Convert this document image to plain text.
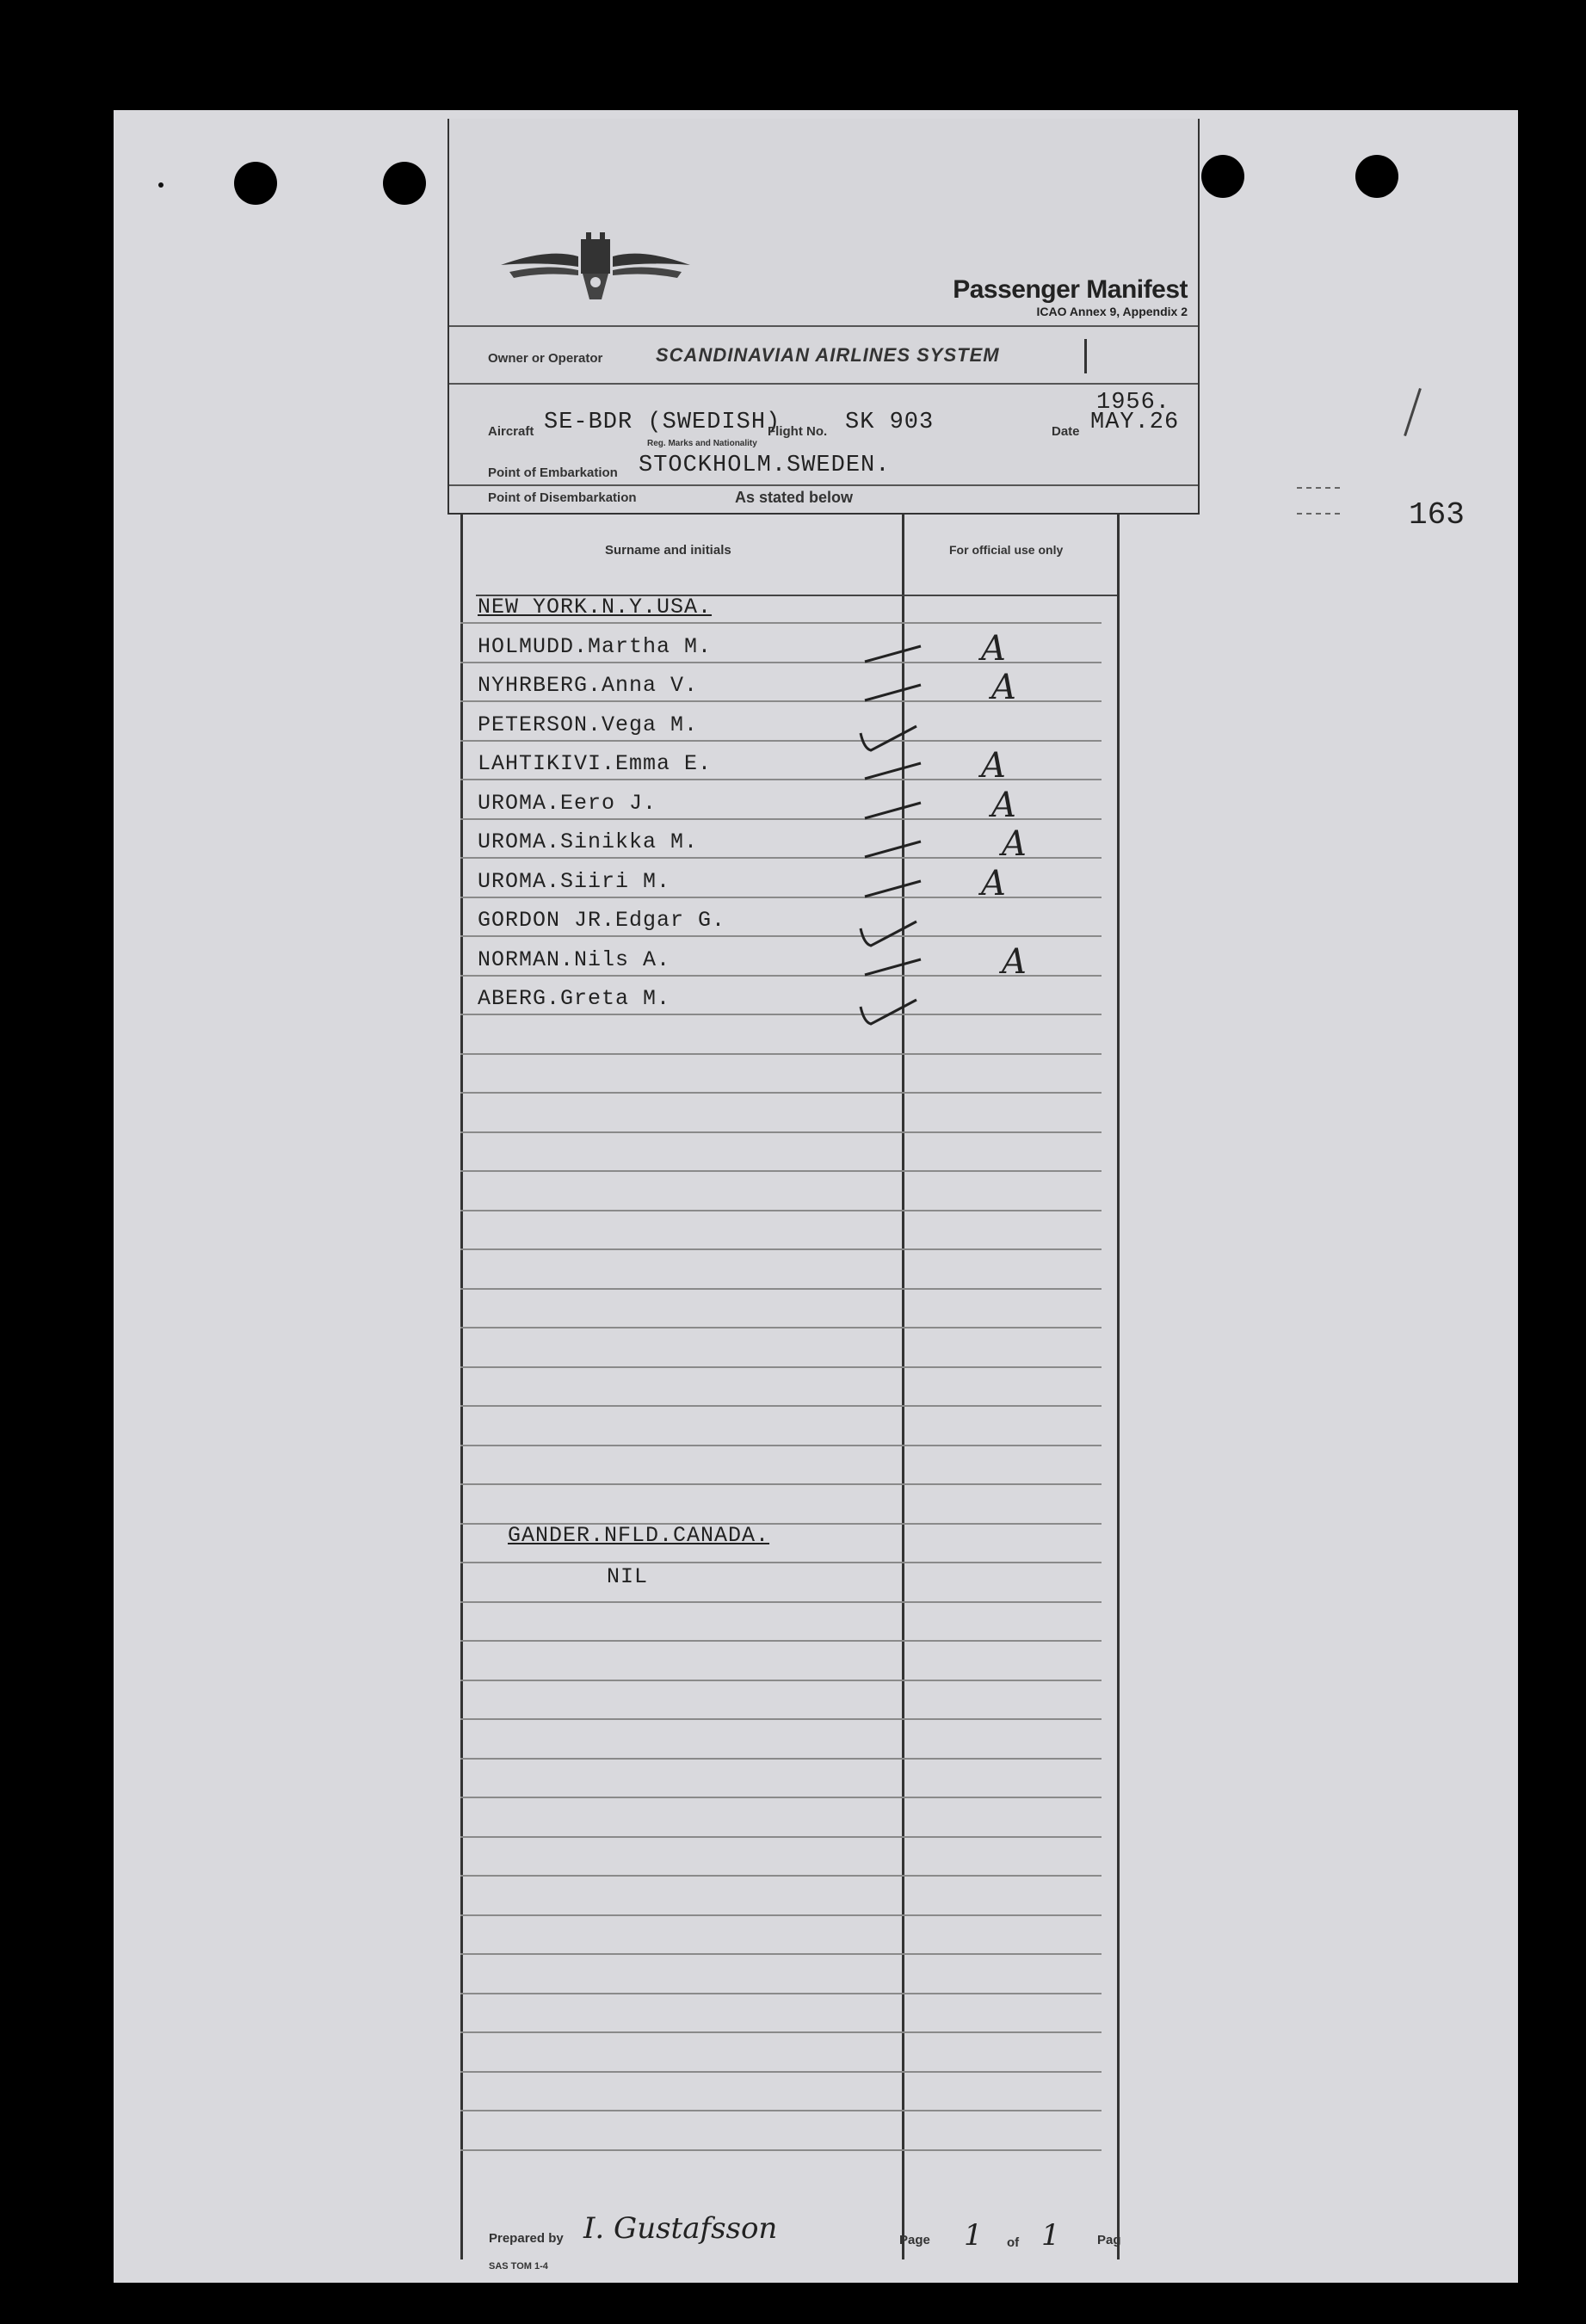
163
Passenger Manifest
ICAO Annex 9, Appendix 2
Owner or Operator	SCANDINAVIAN AIRLINES SYSTEM
1956.
Aircraft SE-BDR (SWEDISH)
Flight No. SK 903	Date MAY.26
Reg. Marks and Nationality
Point of Embarkation STOCKHOLM.SWEDEN.
Point of Disembarkation	As stated below
Surname and initials	For official use only
NEW YORK.N.Y.USA.
HOLMUDD.Martha M.	A
NYHRBERG.Anna V.	A
PETERSON.Vega M.
LAHTIKIVI.Emma E.	A
UROMA.Eero J.	A
UROMA.Sinikka M.	A
UROMA.Siiri M.	A
GORDON JR.Edgar G.
NORMAN.Nils A.	A
ABERG.Greta M.
GANDER.NFLD.CANADA.
NIL
Prepared by I. Gustafsson	Page 1 of 1	Pag
SAS TOM 1-4
